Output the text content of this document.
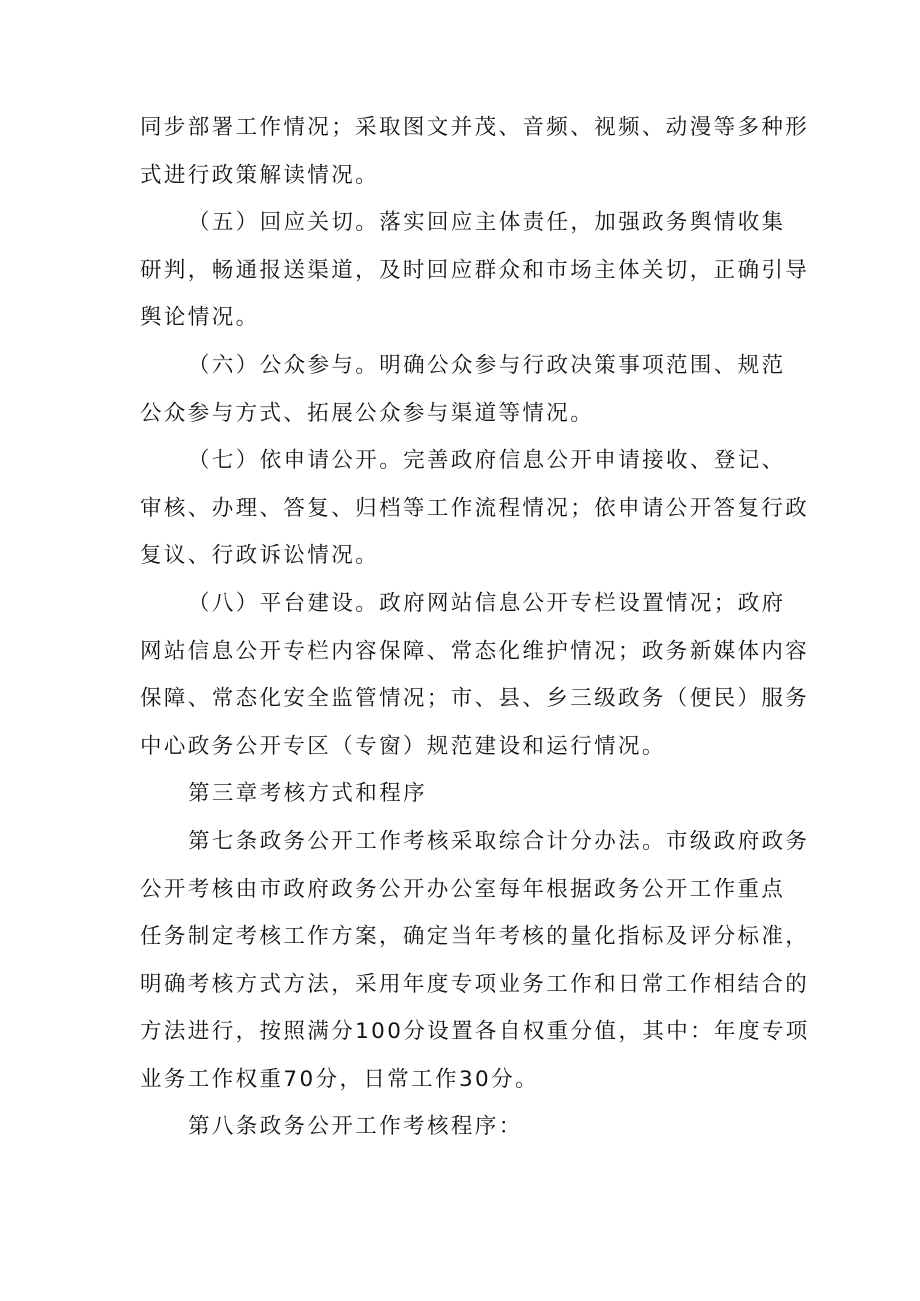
同步部署工作情况；采取图文并茂、音频、视频、动漫等多种形
式进行政策解读情况。
（五）回应关切。落实回应主体责任，加强政务舆情收集
研判，畅通报送渠道，及时回应群众和市场主体关切，正确引导
舆论情况。
（六）公众参与。明确公众参与行政决策事项范围、规范
公众参与方式、拓展公众参与渠道等情况。
（七）依申请公开。完善政府信息公开申请接收、登记、
审核、办理、答复、归档等工作流程情况；依申请公开答复行政
复议、行政诉讼情况。
（八）平台建设。政府网站信息公开专栏设置情况；政府
网站信息公开专栏内容保障、常态化维护情况；政务新媒体内容
保障、常态化安全监管情况；市、县、乡三级政务（便民）服务
中心政务公开专区（专窗）规范建设和运行情况。
第三章考核方式和程序
第七条政务公开工作考核采取综合计分办法。市级政府政务
公开考核由市政府政务公开办公室每年根据政务公开工作重点
任务制定考核工作方案，确定当年考核的量化指标及评分标准，
明确考核方式方法，采用年度专项业务工作和日常工作相结合的
方法进行，按照满分100分设置各自权重分值，其中：年度专项
业务工作权重70分，日常工作30分。
第八条政务公开工作考核程序：
